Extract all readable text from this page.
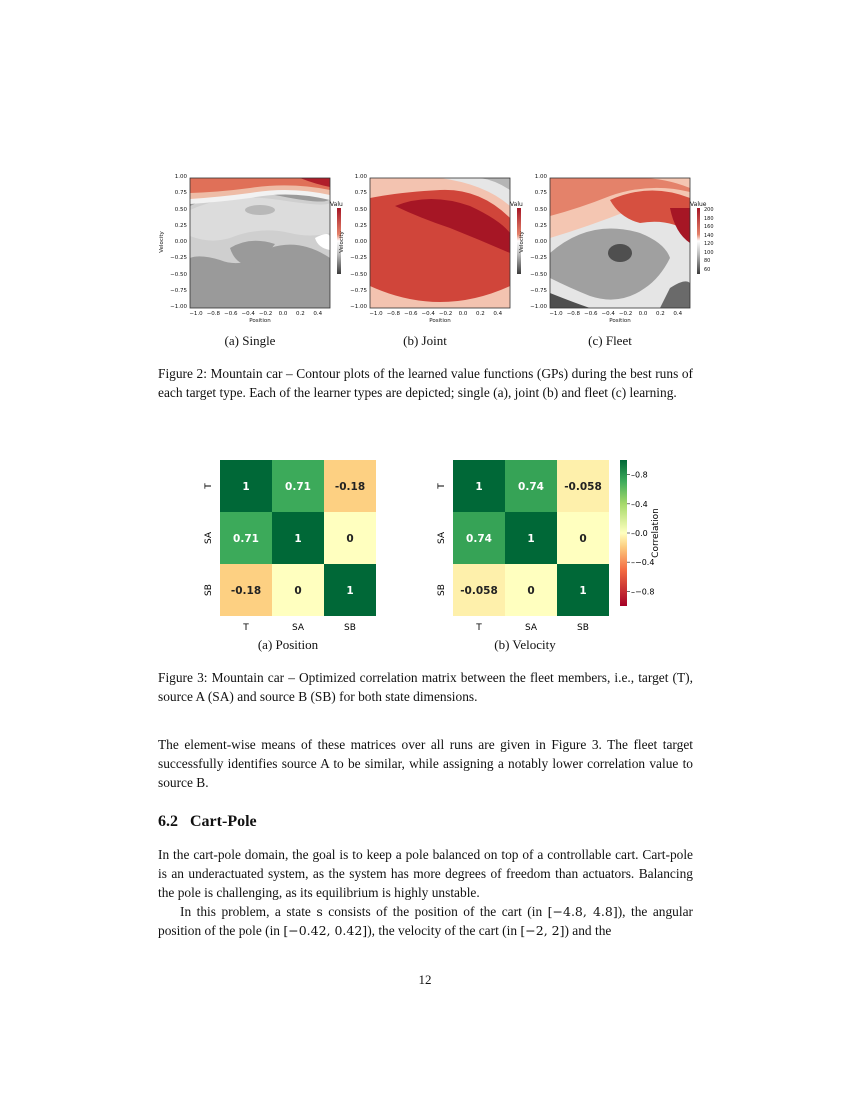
1.00
0.75
0.50
0.25
0.00
−0.25
−0.50
−0.75
−1.00
−1.0 −0.8 −0.6 −0.4 −0.2	0.0	0.2	0.4
Position
Velocity
1.00
0.75
0.50
0.25
0.00
−0.25
−0.50
−0.75
−1.00
−1.0 −0.8 −0.6 −0.4 −0.2	0.0	0.2	0.4
Position
Velocity
1.00
0.75
0.50
0.25
0.00
−0.25
−0.50
−0.75
−1.00
−1.0 −0.8 −0.6 −0.4 −0.2	0.0	0.2	0.4
Position
Velocity
Valu	Valu	Value
200
180
160
140
120
100
80
60
(a) Single	(b) Joint	(c) Fleet
Figure 2: Mountain car – Contour plots of the learned value functions (GPs) during the best runs of each target type. Each of the learner types are depicted; single (a), joint (b) and fleet (c) learning.
1	0.71 -0.18
0.71	1	0
-0.18	0	1
T
SA
SB
T	SA	SB
1	0.74 -0.058
0.74	1	0
-0.058	0	1
T
SA
SB
T	SA	SB
–0.8
–0.4
–0.0
–−0.4
–−0.8
Correlation
(a) Position	(b) Velocity
Figure 3: Mountain car – Optimized correlation matrix between the fleet members, i.e., target (T), source A (SA) and source B (SB) for both state dimensions.
The element-wise means of these matrices over all runs are given in Figure 3. The fleet target successfully identifies source A to be similar, while assigning a notably lower correlation value to source B.
6.2 Cart-Pole
In the cart-pole domain, the goal is to keep a pole balanced on top of a controllable cart. Cart-pole is an underactuated system, as the system has more degrees of freedom than actuators. Balancing the pole is challenging, as its equilibrium is highly unstable.
In this problem, a state s consists of the position of the cart (in [−4.8, 4.8]), the angular position of the pole (in [−0.42, 0.42]), the velocity of the cart (in [−2, 2]) and the
12
